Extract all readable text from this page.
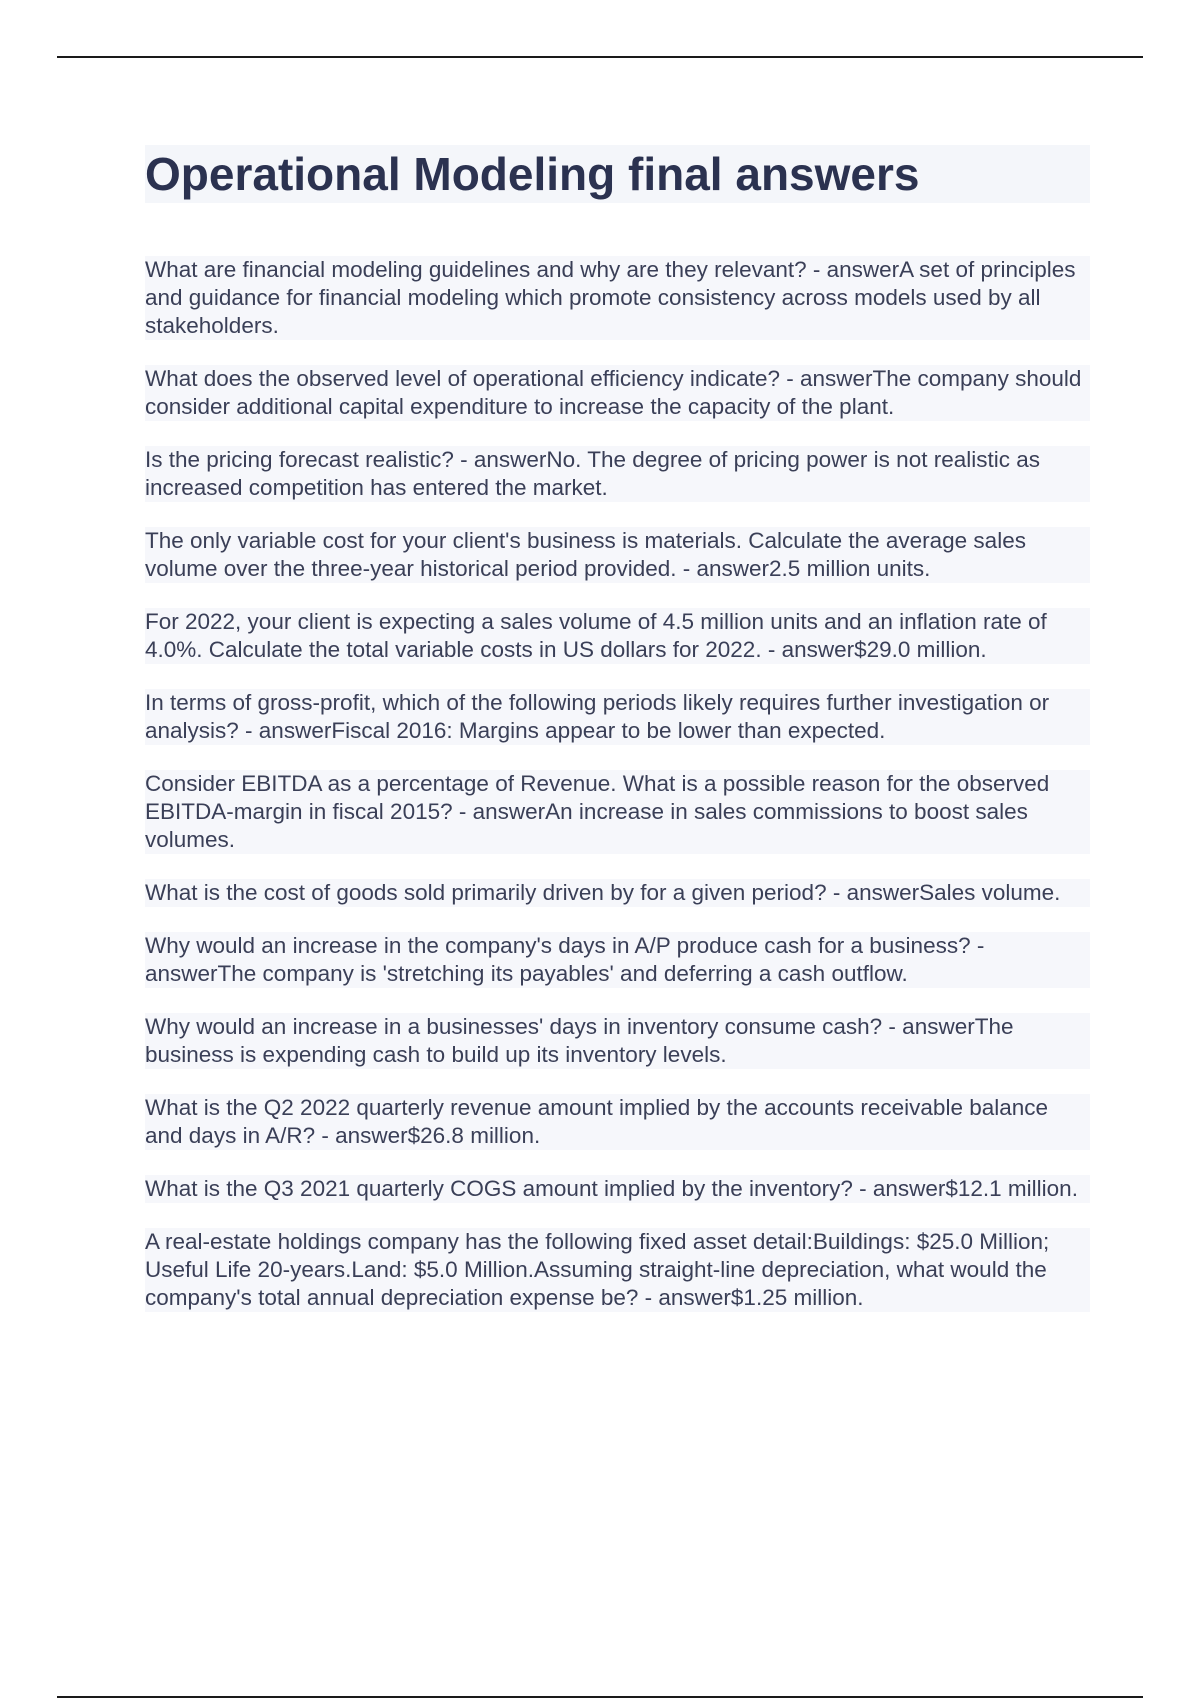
Operational Modeling final answers

What are financial modeling guidelines and why are they relevant? - answerA set of principles and guidance for financial modeling which promote consistency across models used by all stakeholders.

What does the observed level of operational efficiency indicate? - answerThe company should consider additional capital expenditure to increase the capacity of the plant.

Is the pricing forecast realistic? - answerNo. The degree of pricing power is not realistic as increased competition has entered the market.

The only variable cost for your client's business is materials. Calculate the average sales volume over the three-year historical period provided. - answer2.5 million units.

For 2022, your client is expecting a sales volume of 4.5 million units and an inflation rate of 4.0%. Calculate the total variable costs in US dollars for 2022. - answer$29.0 million.

In terms of gross-profit, which of the following periods likely requires further investigation or analysis? - answerFiscal 2016: Margins appear to be lower than expected.

Consider EBITDA as a percentage of Revenue. What is a possible reason for the observed EBITDA-margin in fiscal 2015? - answerAn increase in sales commissions to boost sales volumes.

What is the cost of goods sold primarily driven by for a given period? - answerSales volume.

Why would an increase in the company's days in A/P produce cash for a business? - answerThe company is 'stretching its payables' and deferring a cash outflow.

Why would an increase in a businesses' days in inventory consume cash? - answerThe business is expending cash to build up its inventory levels.

What is the Q2 2022 quarterly revenue amount implied by the accounts receivable balance and days in A/R? - answer$26.8 million.

What is the Q3 2021 quarterly COGS amount implied by the inventory? - answer$12.1 million.

A real-estate holdings company has the following fixed asset detail:Buildings: $25.0 Million; Useful Life 20-years.Land: $5.0 Million.Assuming straight-line depreciation, what would the company's total annual depreciation expense be? - answer$1.25 million.
